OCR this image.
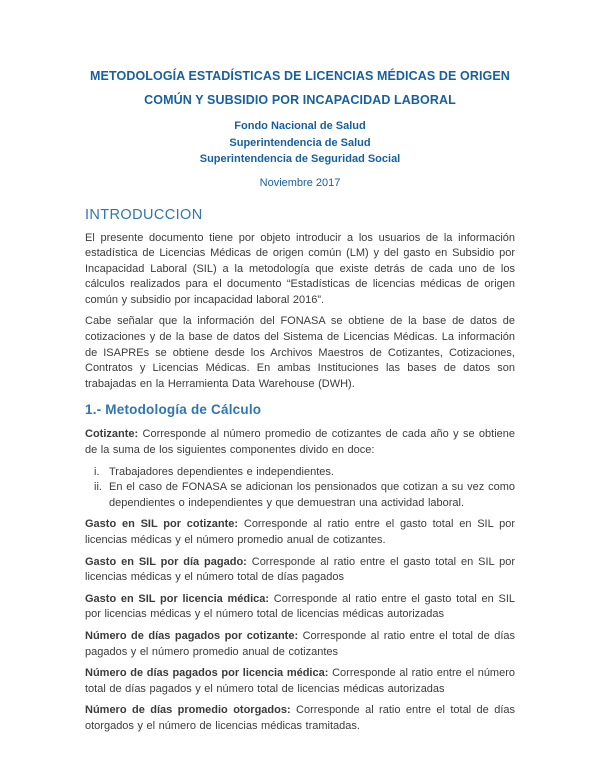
METODOLOGÍA ESTADÍSTICAS DE LICENCIAS MÉDICAS DE ORIGEN
COMÚN Y SUBSIDIO POR INCAPACIDAD LABORAL
Fondo Nacional de Salud
Superintendencia de Salud
Superintendencia de Seguridad Social
Noviembre 2017
INTRODUCCION

El presente documento tiene por objeto introducir a los usuarios de la información estadística de Licencias Médicas de origen común (LM) y del gasto en Subsidio por Incapacidad Laboral (SIL) a la metodología que existe detrás de cada uno de los cálculos realizados para el documento “Estadísticas de licencias médicas de origen común y subsidio por incapacidad laboral 2016”.

Cabe señalar que la información del FONASA se obtiene de la base de datos de cotizaciones y de la base de datos del Sistema de Licencias Médicas. La información de ISAPREs se obtiene desde los Archivos Maestros de Cotizantes, Cotizaciones, Contratos y Licencias Médicas. En ambas Instituciones las bases de datos son trabajadas en la Herramienta Data Warehouse (DWH).

1.- Metodología de Cálculo

Cotizante: Corresponde al número promedio de cotizantes de cada año y se obtiene de la suma de los siguientes componentes divido en doce:

i. Trabajadores dependientes e independientes.
ii. En el caso de FONASA se adicionan los pensionados que cotizan a su vez como dependientes o independientes y que demuestran una actividad laboral.

Gasto en SIL por cotizante: Corresponde al ratio entre el gasto total en SIL por licencias médicas y el número promedio anual de cotizantes.

Gasto en SIL por día pagado: Corresponde al ratio entre el gasto total en SIL por licencias médicas y el número total de días pagados

Gasto en SIL por licencia médica: Corresponde al ratio entre el gasto total en SIL por licencias médicas y el número total de licencias médicas autorizadas

Número de días pagados por cotizante: Corresponde al ratio entre el total de días pagados y el número promedio anual de cotizantes

Número de días pagados por licencia médica: Corresponde al ratio entre el número total de días pagados y el número total de licencias médicas autorizadas

Número de días promedio otorgados: Corresponde al ratio entre el total de días otorgados y el número de licencias médicas tramitadas.
